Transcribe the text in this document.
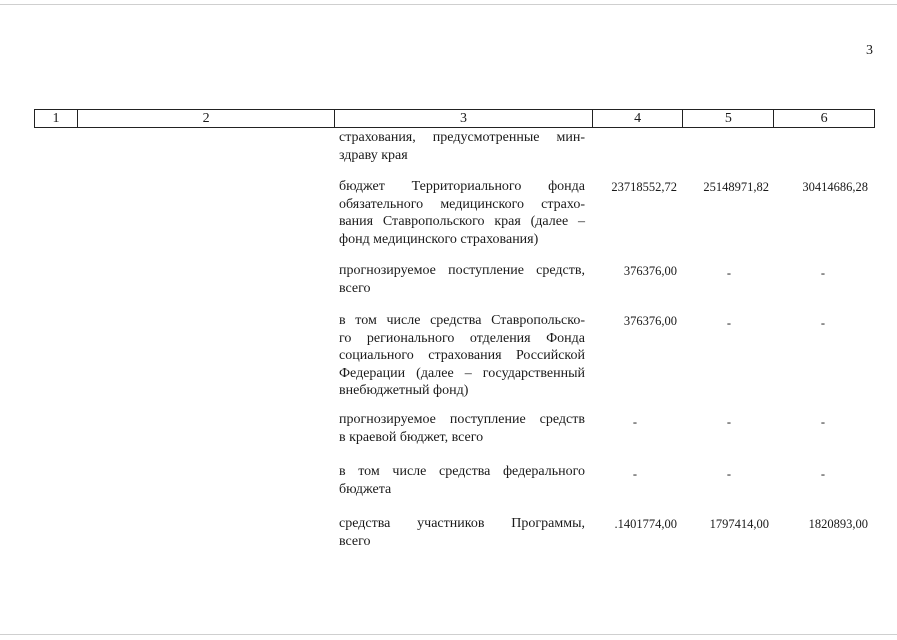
3
1	2	3	4	5	6
страхования, предусмотренные мин-
здраву края
бюджет Территориального фонда
обязательного медицинского страхо-
вания Ставропольского края (далее –
фонд медицинского страхования)
23718552,72	25148971,82	30414686,28
прогнозируемое поступление средств,
всего
376376,00	-	-
в том числе средства Ставропольско-
го регионального отделения Фонда
социального страхования Российской
Федерации (далее – государственный
внебюджетный фонд)
376376,00	-	-
прогнозируемое поступление средств
в краевой бюджет, всего
-	-	-
в том числе средства федерального
бюджета
-	-	-
средства участников Программы,
всего
.1401774,00	1797414,00	1820893,00
